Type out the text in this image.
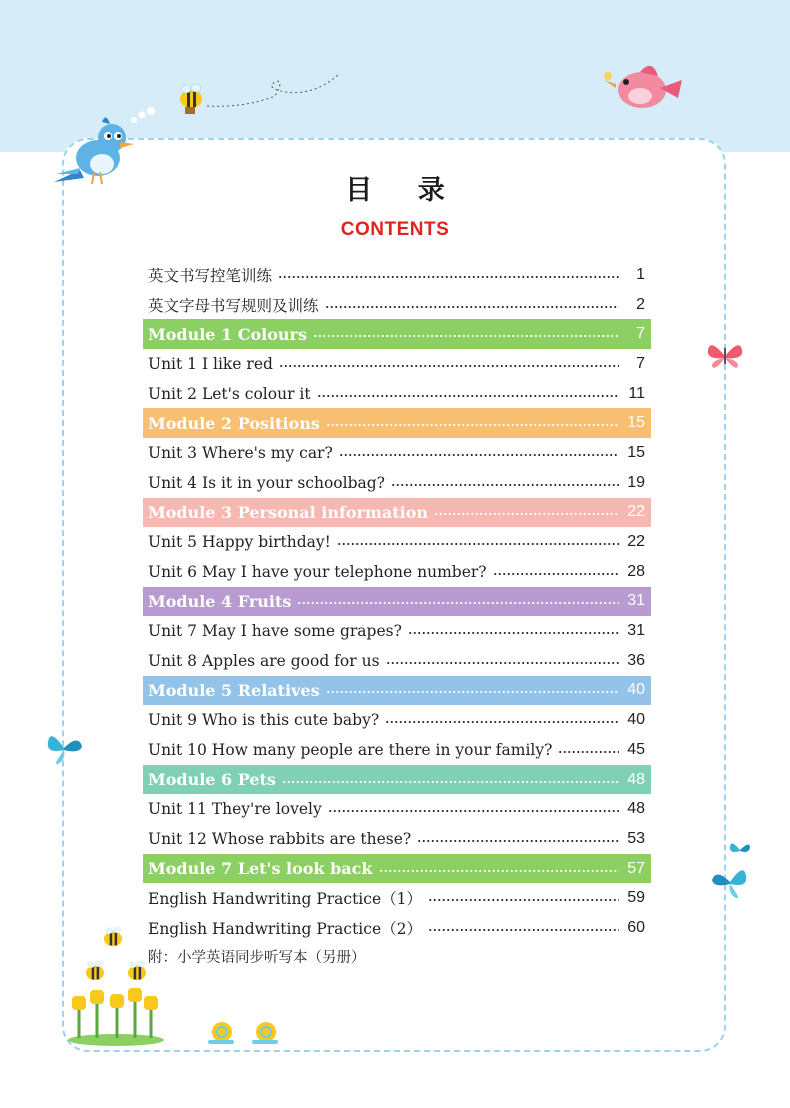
目 录
CONTENTS
英文书写控笔训练	1
英文字母书写规则及训练	2
Module 1 Colours	7
Unit 1 I like red	7
Unit 2 Let's colour it	11
Module 2 Positions	15
Unit 3 Where's my car?	15
Unit 4 Is it in your schoolbag?	19
Module 3 Personal information	22
Unit 5 Happy birthday!	22
Unit 6 May I have your telephone number?	28
Module 4 Fruits	31
Unit 7 May I have some grapes?	31
Unit 8 Apples are good for us	36
Module 5 Relatives	40
Unit 9 Who is this cute baby?	40
Unit 10 How many people are there in your family?	45
Module 6 Pets	48
Unit 11 They're lovely	48
Unit 12 Whose rabbits are these?	53
Module 7 Let's look back	57
English Handwriting Practice（1）	59
English Handwriting Practice（2）	60
附：小学英语同步听写本（另册）
